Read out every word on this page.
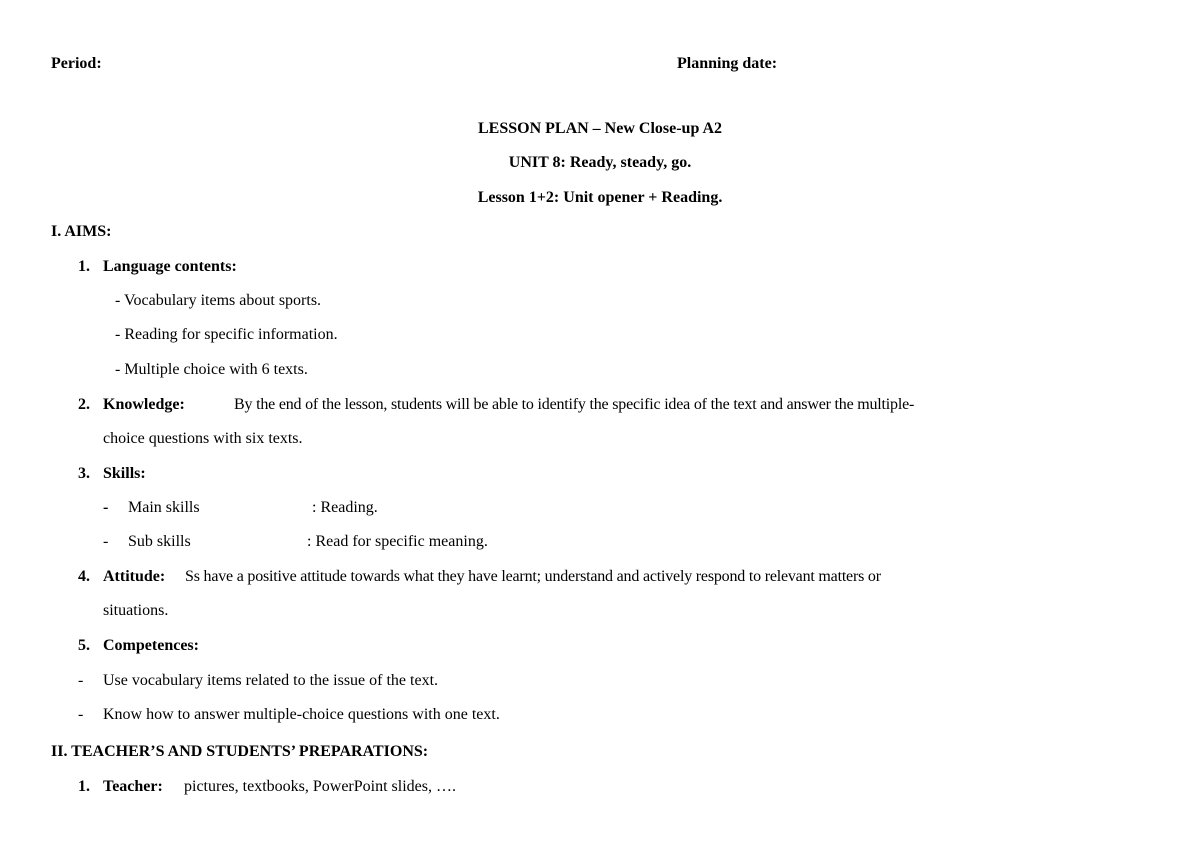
Period:	Planning date:
LESSON PLAN – New Close-up A2
UNIT 8: Ready, steady, go.
Lesson 1+2: Unit opener + Reading.
I. AIMS:
1. Language contents:
- Vocabulary items about sports.
- Reading for specific information.
- Multiple choice with 6 texts.
2. Knowledge:	By the end of the lesson, students will be able to identify the specific idea of the text and answer the multiple-
choice questions with six texts.
3. Skills:
- Main skills	: Reading.
- Sub skills	: Read for specific meaning.
4. Attitude: Ss have a positive attitude towards what they have learnt; understand and actively respond to relevant matters or
situations.
5. Competences:
- Use vocabulary items related to the issue of the text.
- Know how to answer multiple-choice questions with one text.
II. TEACHER’S AND STUDENTS’ PREPARATIONS:
1. Teacher: pictures, textbooks, PowerPoint slides, ….
